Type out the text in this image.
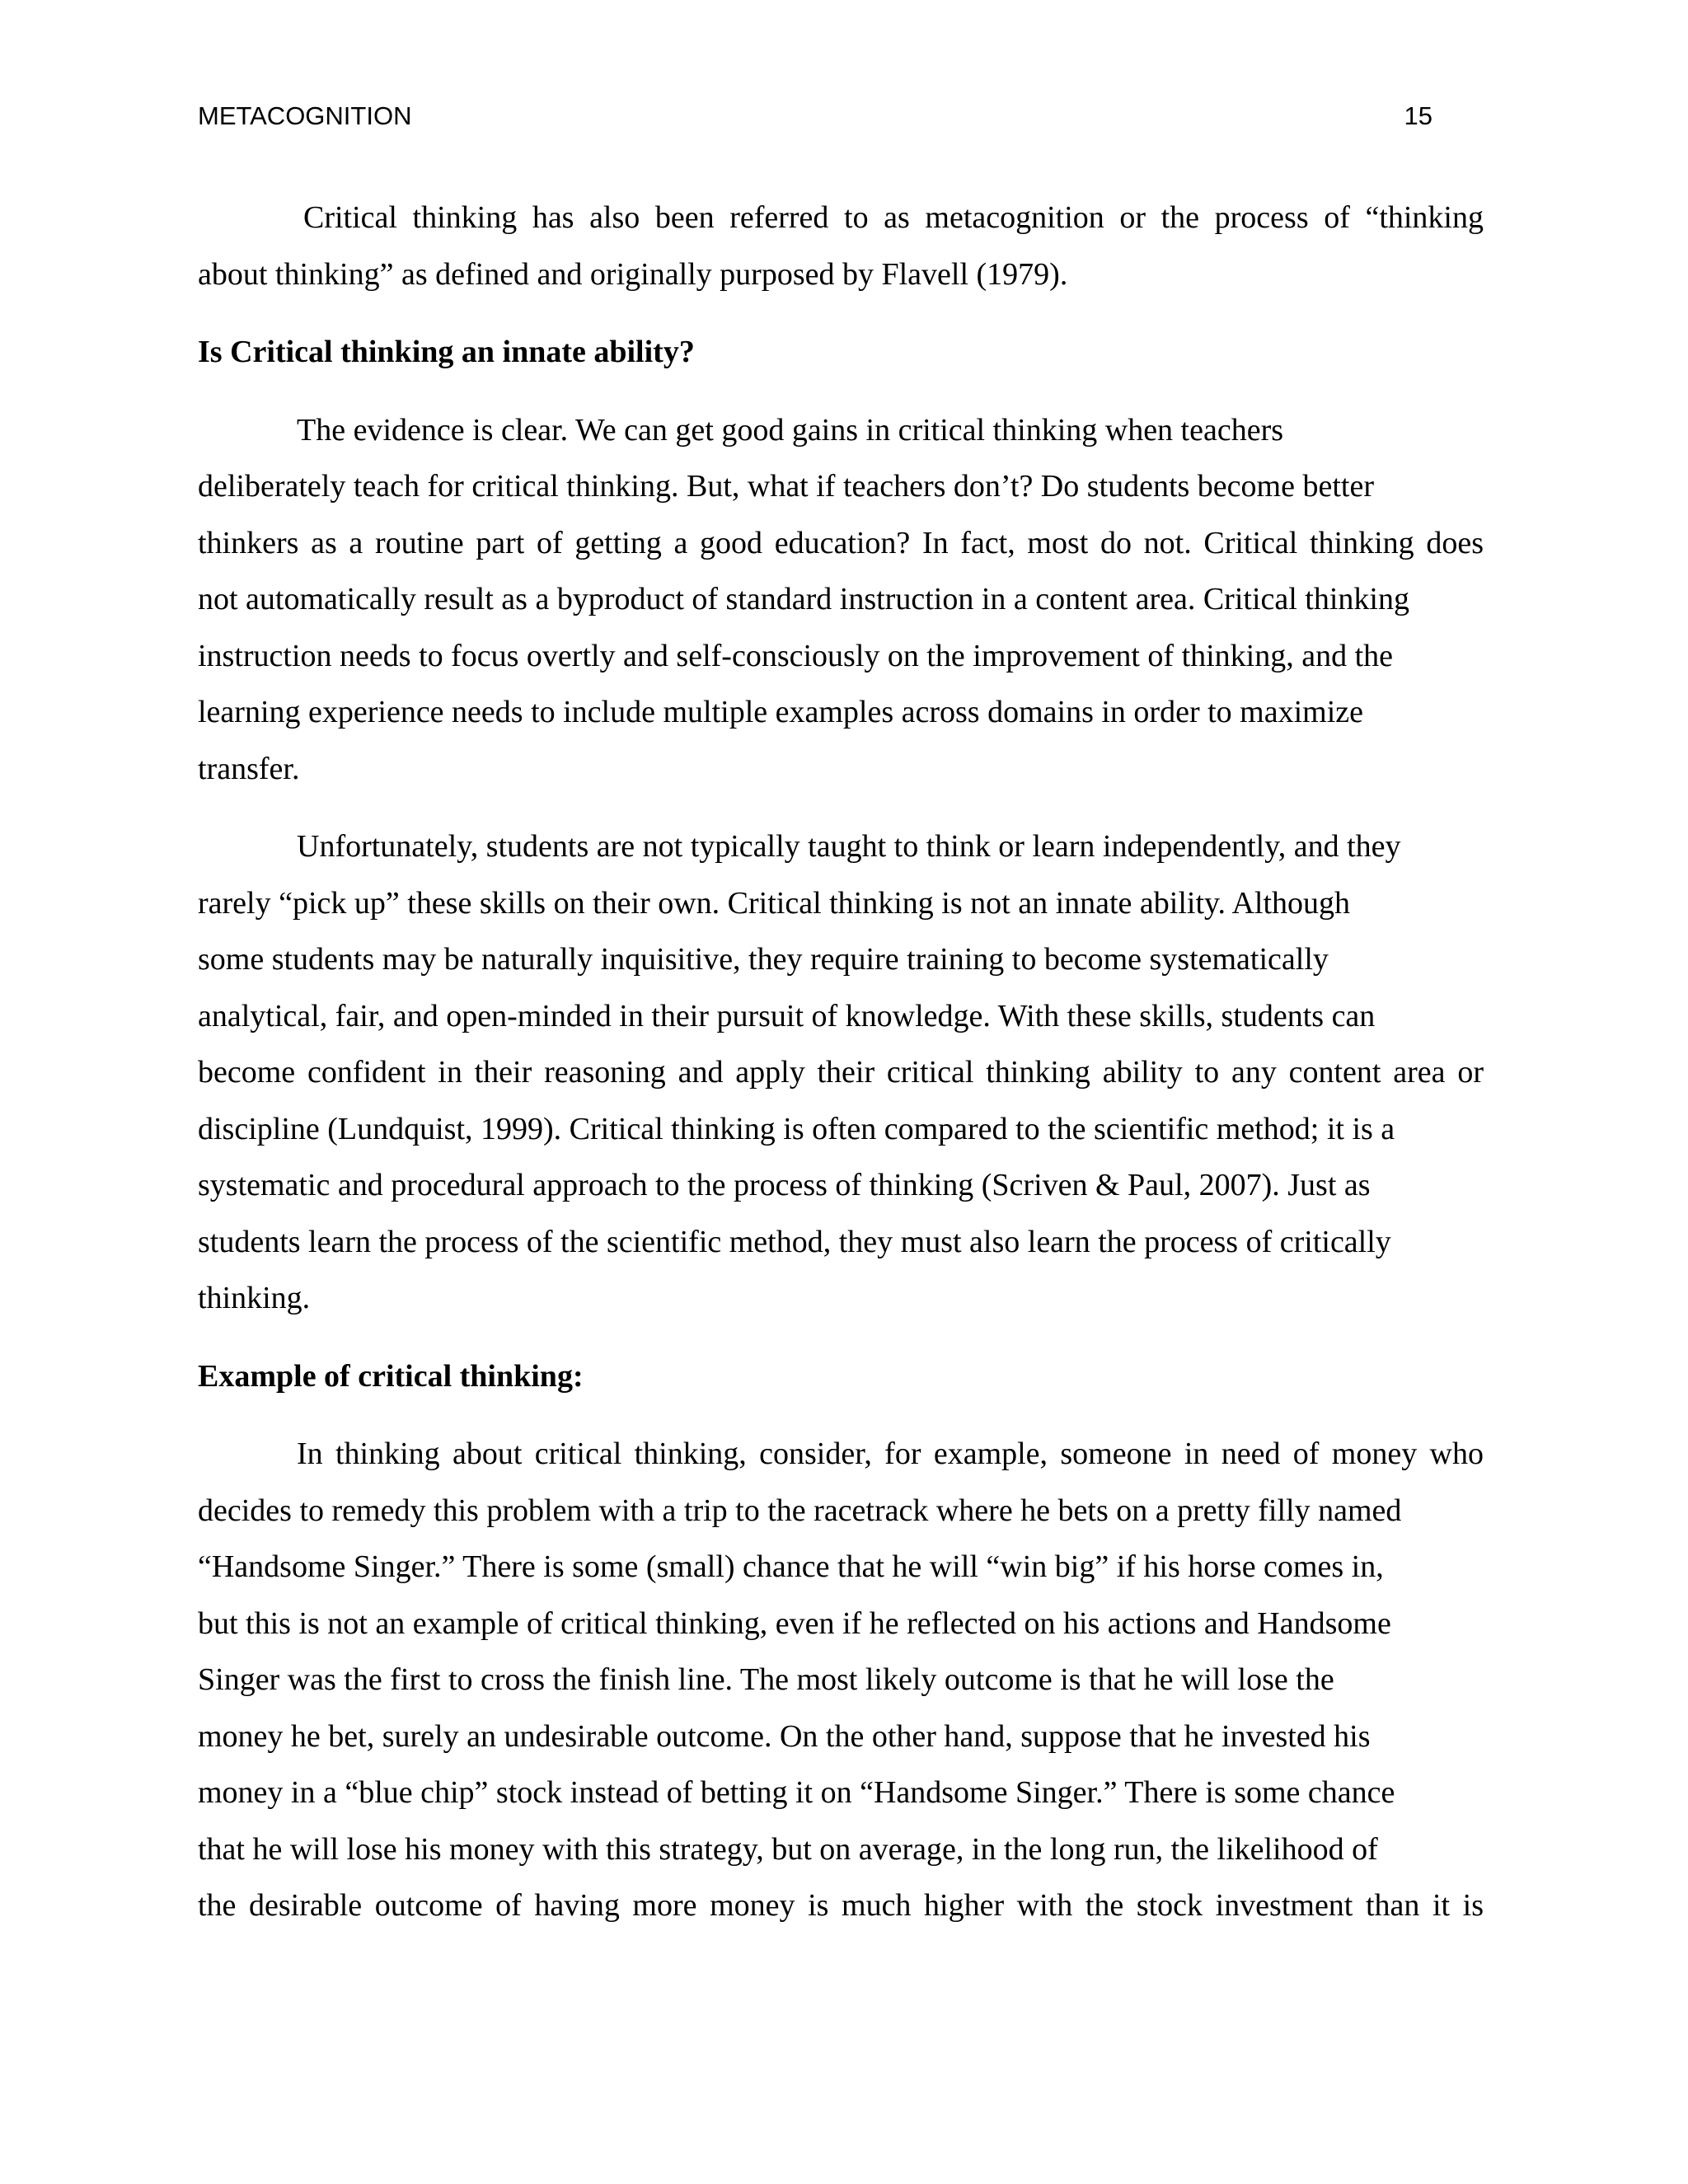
METACOGNITION	15
Critical thinking has also been referred to as metacognition or the process of “thinking
about thinking” as defined and originally purposed by Flavell (1979).
Is Critical thinking an innate ability?
The evidence is clear. We can get good gains in critical thinking when teachers
deliberately teach for critical thinking. But, what if teachers don’t? Do students become better
thinkers as a routine part of getting a good education? In fact, most do not. Critical thinking does
not automatically result as a byproduct of standard instruction in a content area. Critical thinking
instruction needs to focus overtly and self-consciously on the improvement of thinking, and the
learning experience needs to include multiple examples across domains in order to maximize
transfer.
Unfortunately, students are not typically taught to think or learn independently, and they
rarely “pick up” these skills on their own. Critical thinking is not an innate ability. Although
some students may be naturally inquisitive, they require training to become systematically
analytical, fair, and open-minded in their pursuit of knowledge. With these skills, students can
become confident in their reasoning and apply their critical thinking ability to any content area or
discipline (Lundquist, 1999). Critical thinking is often compared to the scientific method; it is a
systematic and procedural approach to the process of thinking (Scriven & Paul, 2007). Just as
students learn the process of the scientific method, they must also learn the process of critically
thinking.
Example of critical thinking:
In thinking about critical thinking, consider, for example, someone in need of money who
decides to remedy this problem with a trip to the racetrack where he bets on a pretty filly named
“Handsome Singer.” There is some (small) chance that he will “win big” if his horse comes in,
but this is not an example of critical thinking, even if he reflected on his actions and Handsome
Singer was the first to cross the finish line. The most likely outcome is that he will lose the
money he bet, surely an undesirable outcome. On the other hand, suppose that he invested his
money in a “blue chip” stock instead of betting it on “Handsome Singer.” There is some chance
that he will lose his money with this strategy, but on average, in the long run, the likelihood of
the desirable outcome of having more money is much higher with the stock investment than it is
